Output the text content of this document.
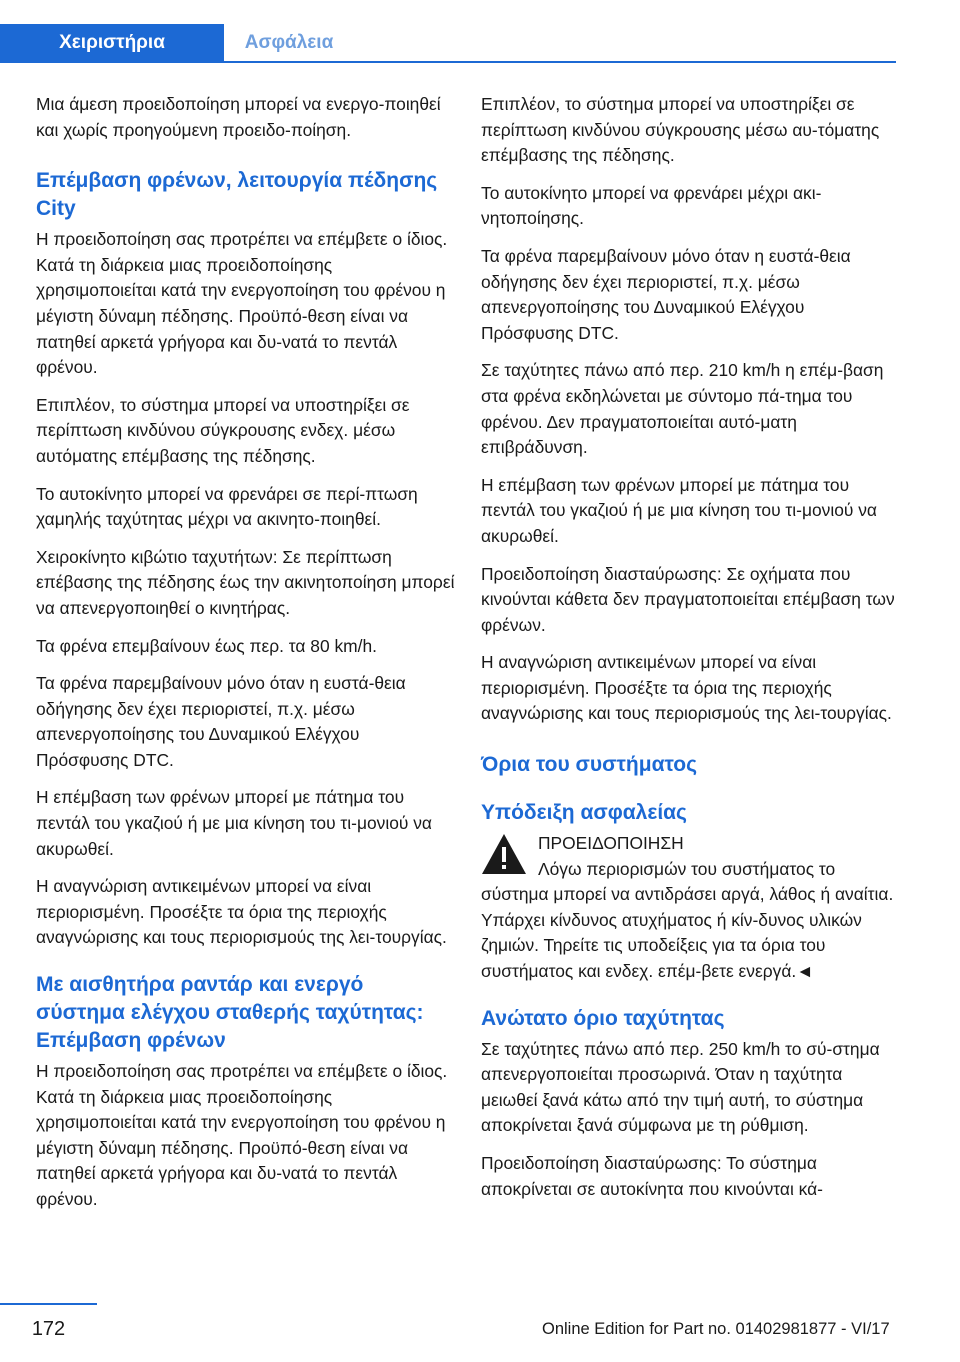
Χειριστήρια	Ασφάλεια

Μια άμεση προειδοποίηση μπορεί να ενεργο-ποιηθεί και χωρίς προηγούμενη προειδο-ποίηση.

Επέμβαση φρένων, λειτουργία πέδησης City

Η προειδοποίηση σας προτρέπει να επέμβετε ο ίδιος. Κατά τη διάρκεια μιας προειδοποίησης χρησιμοποιείται κατά την ενεργοποίηση του φρένου η μέγιστη δύναμη πέδησης. Προϋπό-θεση είναι να πατηθεί αρκετά γρήγορα και δυ-νατά το πεντάλ φρένου.

Επιπλέον, το σύστημα μπορεί να υποστηρίξει σε περίπτωση κινδύνου σύγκρουσης ενδεχ. μέσω αυτόματης επέμβασης της πέδησης.

Το αυτοκίνητο μπορεί να φρενάρει σε περί-πτωση χαμηλής ταχύτητας μέχρι να ακινητο-ποιηθεί.

Χειροκίνητο κιβώτιο ταχυτήτων: Σε περίπτωση επέβασης της πέδησης έως την ακινητοποίηση μπορεί να απενεργοποιηθεί ο κινητήρας.

Τα φρένα επεμβαίνουν έως περ. τα 80 km/h.

Τα φρένα παρεμβαίνουν μόνο όταν η ευστά-θεια οδήγησης δεν έχει περιοριστεί, π.χ. μέσω απενεργοποίησης του Δυναμικού Ελέγχου Πρόσφυσης DTC.

Η επέμβαση των φρένων μπορεί με πάτημα του πεντάλ του γκαζιού ή με μια κίνηση του τι-μονιού να ακυρωθεί.

Η αναγνώριση αντικειμένων μπορεί να είναι περιορισμένη. Προσέξτε τα όρια της περιοχής αναγνώρισης και τους περιορισμούς της λει-τουργίας.

Με αισθητήρα ραντάρ και ενεργό σύστημα ελέγχου σταθερής ταχύτητας: Επέμβαση φρένων

Η προειδοποίηση σας προτρέπει να επέμβετε ο ίδιος. Κατά τη διάρκεια μιας προειδοποίησης χρησιμοποιείται κατά την ενεργοποίηση του φρένου η μέγιστη δύναμη πέδησης. Προϋπό-θεση είναι να πατηθεί αρκετά γρήγορα και δυ-νατά το πεντάλ φρένου.

Επιπλέον, το σύστημα μπορεί να υποστηρίξει σε περίπτωση κινδύνου σύγκρουσης μέσω αυ-τόματης επέμβασης της πέδησης.

Το αυτοκίνητο μπορεί να φρενάρει μέχρι ακι-νητοποίησης.

Τα φρένα παρεμβαίνουν μόνο όταν η ευστά-θεια οδήγησης δεν έχει περιοριστεί, π.χ. μέσω απενεργοποίησης του Δυναμικού Ελέγχου Πρόσφυσης DTC.

Σε ταχύτητες πάνω από περ. 210 km/h η επέμ-βαση στα φρένα εκδηλώνεται με σύντομο πά-τημα του φρένου. Δεν πραγματοποιείται αυτό-ματη επιβράδυνση.

Η επέμβαση των φρένων μπορεί με πάτημα του πεντάλ του γκαζιού ή με μια κίνηση του τι-μονιού να ακυρωθεί.

Προειδοποίηση διασταύρωσης: Σε οχήματα που κινούνται κάθετα δεν πραγματοποιείται επέμβαση των φρένων.

Η αναγνώριση αντικειμένων μπορεί να είναι περιορισμένη. Προσέξτε τα όρια της περιοχής αναγνώρισης και τους περιορισμούς της λει-τουργίας.

Όρια του συστήματος
Υπόδειξη ασφαλείας

ΠΡΟΕΙΔΟΠΟΙΗΣΗ

Λόγω περιορισμών του συστήματος το

σύστημα μπορεί να αντιδράσει αργά, λάθος ή αναίτια. Υπάρχει κίνδυνος ατυχήματος ή κίν-δυνος υλικών ζημιών. Τηρείτε τις υποδείξεις για τα όρια του συστήματος και ενδεχ. επέμ-βετε ενεργά.◄

Ανώτατο όριο ταχύτητας

Σε ταχύτητες πάνω από περ. 250 km/h το σύ-στημα απενεργοποιείται προσωρινά. Όταν η ταχύτητα μειωθεί ξανά κάτω από την τιμή αυτή, το σύστημα αποκρίνεται ξανά σύμφωνα με τη ρύθμιση.

Προειδοποίηση διασταύρωσης: Το σύστημα αποκρίνεται σε αυτοκίνητα που κινούνται κά-

172	Online Edition for Part no. 01402981877 - VI/17
